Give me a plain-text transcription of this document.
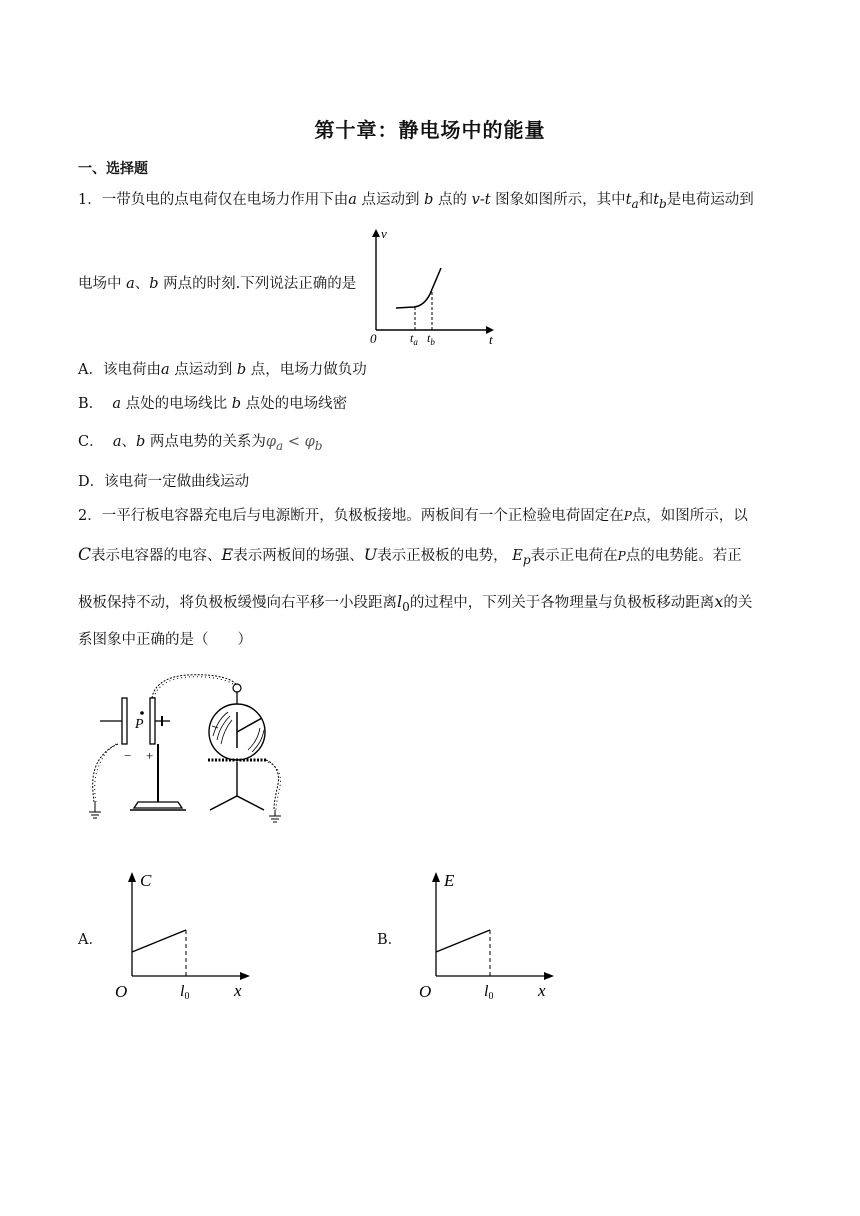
第十章：静电场中的能量
一、选择题
1．一带负电的点电荷仅在电场力作用下由a 点运动到 b 点的 v-t 图象如图所示，其中$t_a$和$t_b$是电荷运动到
电场中 a、b 两点的时刻.下列说法正确的是
v
t
0	$t_a$ $t_b$
A．该电荷由a 点运动到 b 点，电场力做负功
B． a 点处的电场线比 b 点处的电场线密
C． a、b 两点电势的关系为$\varphi_a < \varphi_b$
D．该电荷一定做曲线运动
2．一平行板电容器充电后与电源断开，负极板接地。两板间有一个正检验电荷固定在P点，如图所示，以
C表示电容器的电容、E表示两板间的场强、U表示正极板的电势， $E_p$表示正电荷在P点的电势能。若正
极板保持不动，将负极板缓慢向右平移一小段距离$l_0$的过程中，下列关于各物理量与负极板移动距离x的关
系图象中正确的是（　　）
P
− +
A．
C
O	l0	x
B．
E
O	l0	x
